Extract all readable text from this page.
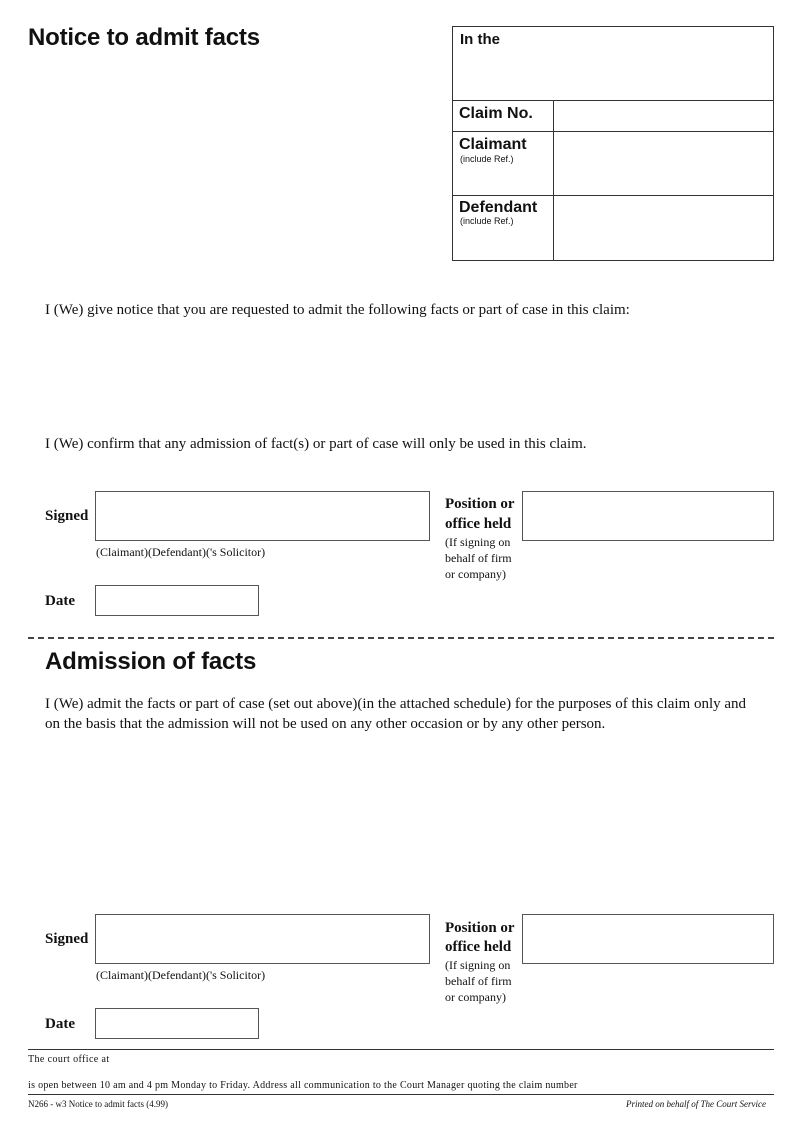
Notice to admit facts	In the
Claim No.
Claimant
(include Ref.)
Defendant
(include Ref.)
I (We) give notice that you are requested to admit the following facts or part of case in this claim:
I (We) confirm that any admission of fact(s) or part of case will only be used in this claim.
Signed
(Claimant)(Defendant)('s Solicitor)
Position or
office held
(If signing on
behalf of firm
or company)
Date
Admission of facts
I (We) admit the facts or part of case (set out above)(in the attached schedule) for the purposes of this claim only and
on the basis that the admission will not be used on any other occasion or by any other person.
Signed
(Claimant)(Defendant)('s Solicitor)
Position or
office held
(If signing on
behalf of firm
or company)
Date
The court office at
is open between 10 am and 4 pm Monday to Friday. Address all communication to the Court Manager quoting the claim number
N266 - w3 Notice to admit facts (4.99)	Printed on behalf of The Court Service
